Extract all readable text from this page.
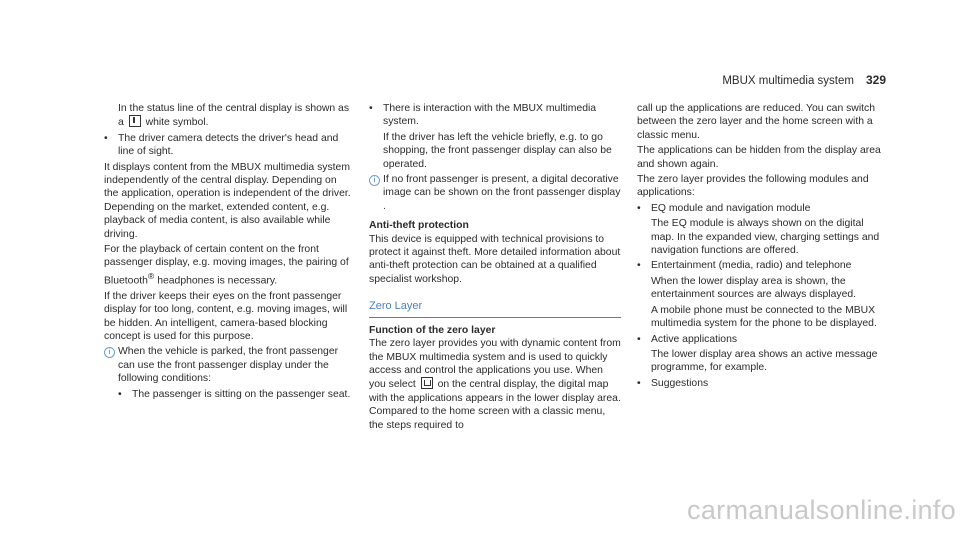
MBUX multimedia system 329

In the status line of the central display is shown as a white symbol.

• The driver camera detects the driver's head and line of sight.

It displays content from the MBUX multimedia system independently of the central display. Depending on the application, operation is independent of the driver. Depending on the market, extended content, e.g. playback of media content, is also available while driving.

For the playback of certain content on the front passenger display, e.g. moving images, the pairing of Bluetooth® headphones is necessary.

If the driver keeps their eyes on the front passenger display for too long, content, e.g. moving images, will be hidden. An intelligent, camera-based blocking concept is used for this purpose.

i When the vehicle is parked, the front passenger can use the front passenger display under the following conditions:
• The passenger is sitting on the passenger seat.
• There is interaction with the MBUX multimedia system.

If the driver has left the vehicle briefly, e.g. to go shopping, the front passenger display can also be operated.

i If no front passenger is present, a digital decorative image can be shown on the front passenger display .
Anti-theft protection

This device is equipped with technical provisions to protect it against theft. More detailed information about anti-theft protection can be obtained at a qualified specialist workshop.

Zero Layer
Function of the zero layer

The zero layer provides you with dynamic content from the MBUX multimedia system and is used to quickly access and control the applications you use. When you select on the central display, the digital map with the applications appears in the lower display area. Compared to the home screen with a classic menu, the steps required to

call up the applications are reduced. You can switch between the zero layer and the home screen with a classic menu.

The applications can be hidden from the display area and shown again.

The zero layer provides the following modules and applications:

• EQ module and navigation module

The EQ module is always shown on the digital map. In the expanded view, charging settings and navigation functions are offered.

• Entertainment (media, radio) and telephone

When the lower display area is shown, the entertainment sources are always displayed.

A mobile phone must be connected to the MBUX multimedia system for the phone to be displayed.

• Active applications

The lower display area shows an active message programme, for example.

• Suggestions
carmanualsonline.info
